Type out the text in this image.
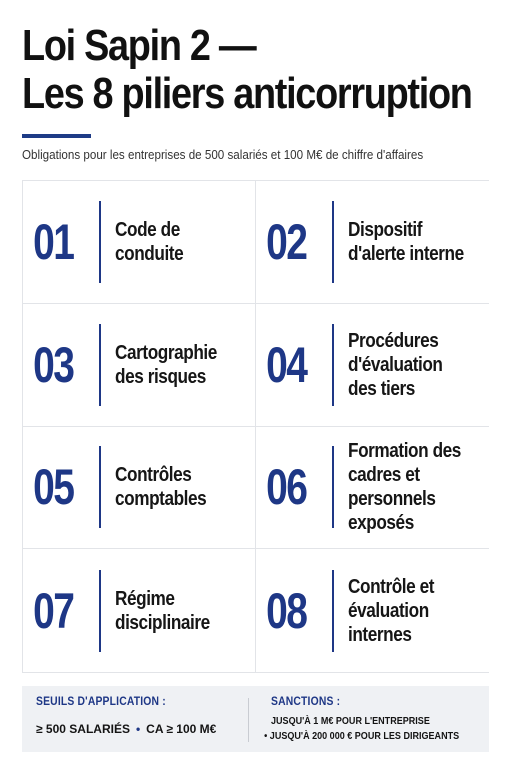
Loi Sapin 2 —
Les 8 piliers anticorruption
Obligations pour les entreprises de 500 salariés et 100 M€ de chiffre d'affaires
01	Code de
conduite 02	Dispositif
d'alerte interne
03	Cartographie
des risques 04	Procédures
d'évaluation
des tiers
05	Contrôles
comptables 06
Formation des
cadres et
personnels
exposés
07	Régime
disciplinaire 08	Contrôle et
évaluation
internes
SEUILS D'APPLICATION :
≥ 500 SALARIÉS • CA ≥ 100 M€
SANCTIONS :
JUSQU'À 1 M€ POUR L'ENTREPRISE
• JUSQU'À 200 000 € POUR LES DIRIGEANTS
